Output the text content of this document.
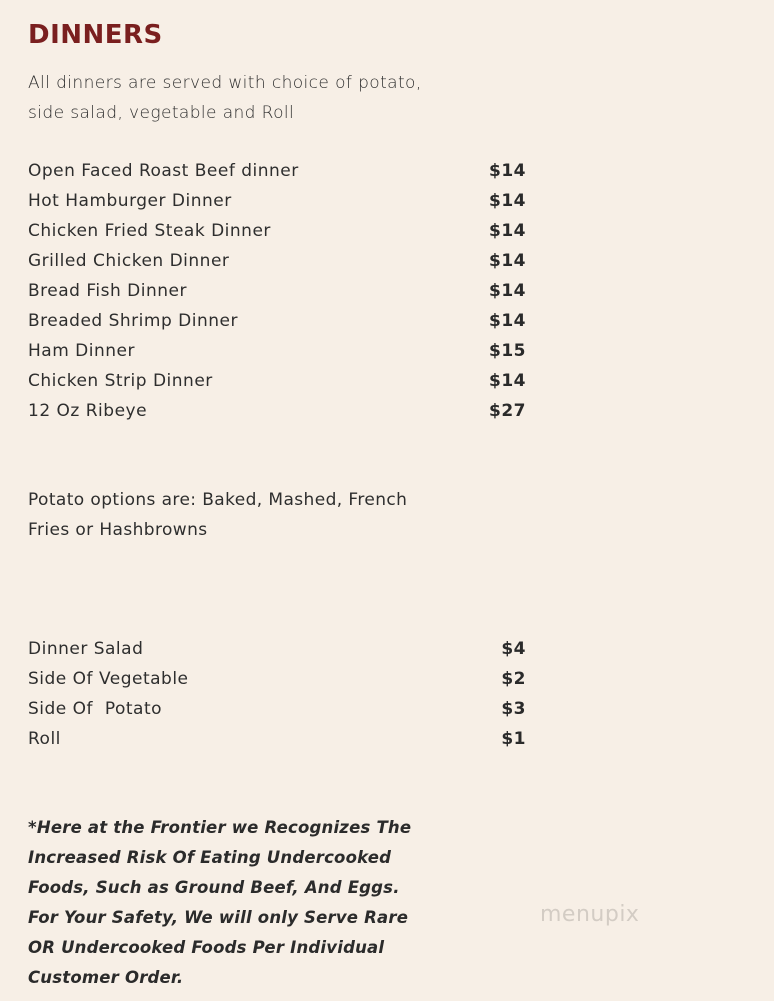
DINNERS
All dinners are served with choice of potato,
side salad, vegetable and Roll
Open Faced Roast Beef dinner	$14
Hot Hamburger Dinner	$14
Chicken Fried Steak Dinner	$14
Grilled Chicken Dinner	$14
Bread Fish Dinner	$14
Breaded Shrimp Dinner	$14
Ham Dinner	$15
Chicken Strip Dinner	$14
12 Oz Ribeye	$27
Potato options are: Baked, Mashed, French
Fries or Hashbrowns
Dinner Salad	$4
Side Of Vegetable	$2
Side Of  Potato	$3
Roll	$1
*Here at the Frontier we Recognizes The
Increased Risk Of Eating Undercooked
Foods, Such as Ground Beef, And Eggs.
For Your Safety, We will only Serve Rare
OR Undercooked Foods Per Individual
Customer Order.
menupix
